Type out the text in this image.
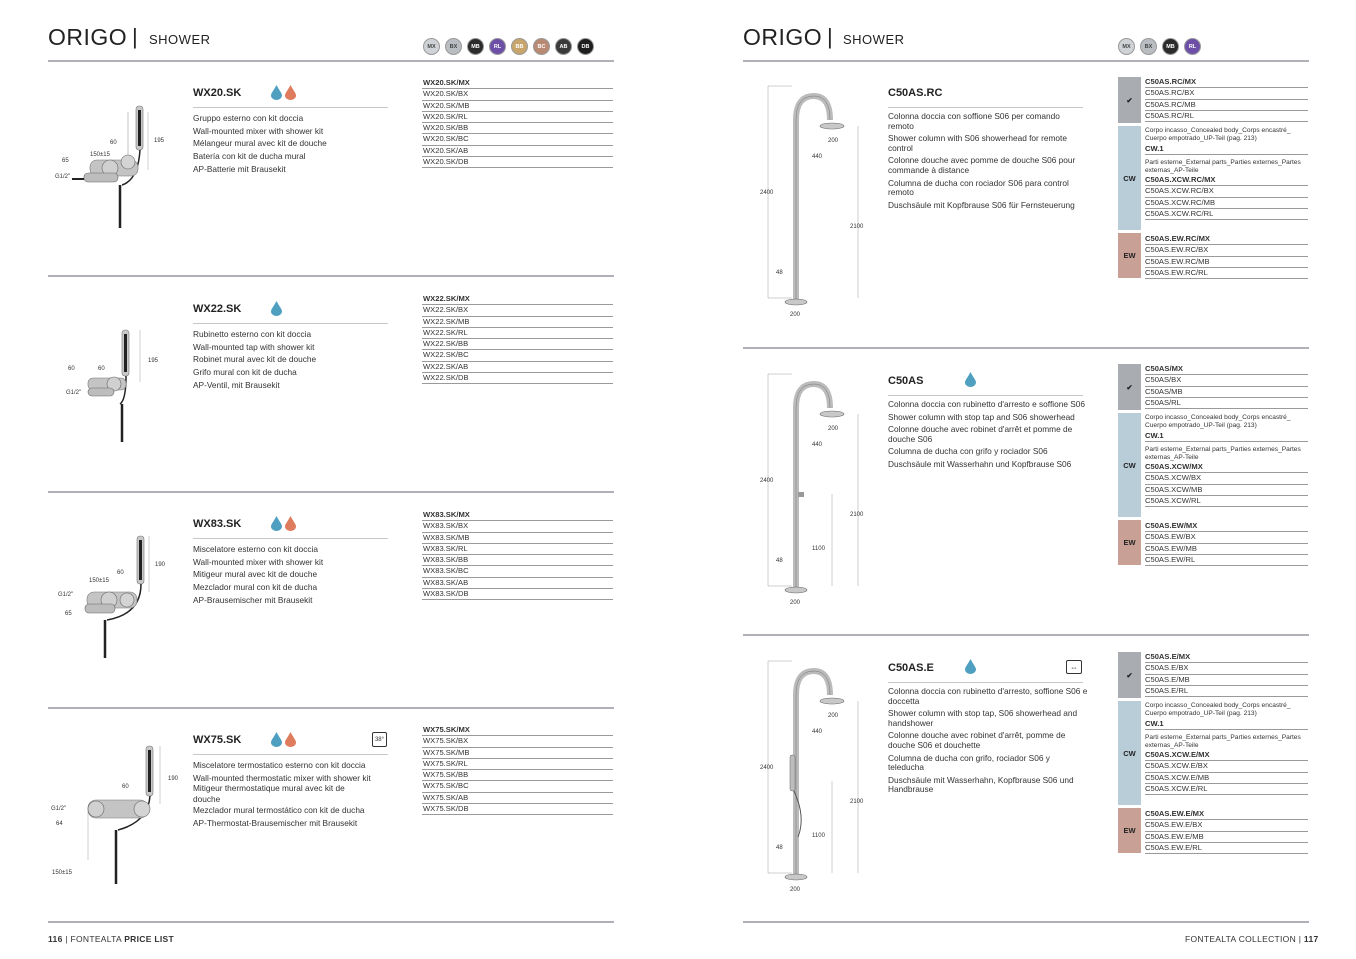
ORIGO | SHOWER	MX	BX	MB	RL	BB	BC	AB	DB
195
60
150±15
65
G1/2"
WX20.SK
Gruppo esterno con kit doccia
Wall-mounted mixer with shower kit
Mélangeur mural avec kit de douche
Batería con kit de ducha mural
AP-Batterie mit Brausekit
WX20.SK/MX
WX20.SK/BX
WX20.SK/MB
WX20.SK/RL
WX20.SK/BB
WX20.SK/BC
WX20.SK/AB
WX20.SK/DB
195
60
60
G1/2"
WX22.SK
Rubinetto esterno con kit doccia
Wall-mounted tap with shower kit
Robinet mural avec kit de douche
Grifo mural con kit de ducha
AP-Ventil, mit Brausekit
WX22.SK/MX
WX22.SK/BX
WX22.SK/MB
WX22.SK/RL
WX22.SK/BB
WX22.SK/BC
WX22.SK/AB
WX22.SK/DB
190
60
150±15
G1/2"
65
WX83.SK
Miscelatore esterno con kit doccia
Wall-mounted mixer with shower kit
Mitigeur mural avec kit de douche
Mezclador mural con kit de ducha
AP-Brausemischer mit Brausekit
WX83.SK/MX
WX83.SK/BX
WX83.SK/MB
WX83.SK/RL
WX83.SK/BB
WX83.SK/BC
WX83.SK/AB
WX83.SK/DB
190
60
G1/2"
64
150±15
WX75.SK	38°
Miscelatore termostatico esterno con kit doccia
Wall-mounted thermostatic mixer with shower kit
Mitigeur thermostatique mural avec kit de
douche
Mezclador mural termostático con kit de ducha
AP-Thermostat-Brausemischer mit Brausekit
WX75.SK/MX
WX75.SK/BX
WX75.SK/MB
WX75.SK/RL
WX75.SK/BB
WX75.SK/BC
WX75.SK/AB
WX75.SK/DB
116 | FONTEALTA PRICE LIST
ORIGO | SHOWER	MX	BX	MB	RL
2400
2100
440
200
48
200
C50AS.RC
Colonna doccia con soffione S06 per comando remoto
Shower column with S06 showerhead for remote control
Colonne douche avec pomme de douche S06 pour commande à distance
Columna de ducha con rociador S06 para control remoto
Duschsäule mit Kopfbrause S06 für Fernsteuerung
✔
C50AS.RC/MX
C50AS.RC/BX
C50AS.RC/MB
C50AS.RC/RL
CW
Corpo incasso_Concealed body_Corps encastré_ Cuerpo empotrado_UP-Teil (pag. 213)
CW.1
Parti esterne_External parts_Parties externes_Partes externas_AP-Teile
C50AS.XCW.RC/MX
C50AS.XCW.RC/BX
C50AS.XCW.RC/MB
C50AS.XCW.RC/RL
EW
C50AS.EW.RC/MX
C50AS.EW.RC/BX
C50AS.EW.RC/MB
C50AS.EW.RC/RL
2400
2100
440
200
1100
48
200
C50AS
Colonna doccia con rubinetto d'arresto e soffione S06
Shower column with stop tap and S06 showerhead
Colonne douche avec robinet d'arrêt et pomme de douche S06
Columna de ducha con grifo y rociador S06
Duschsäule mit Wasserhahn und Kopfbrause S06
✔
C50AS/MX
C50AS/BX
C50AS/MB
C50AS/RL
CW
Corpo incasso_Concealed body_Corps encastré_ Cuerpo empotrado_UP-Teil (pag. 213)
CW.1
Parti esterne_External parts_Parties externes_Partes externas_AP-Teile
C50AS.XCW/MX
C50AS.XCW/BX
C50AS.XCW/MB
C50AS.XCW/RL
EW
C50AS.EW/MX
C50AS.EW/BX
C50AS.EW/MB
C50AS.EW/RL
2400
2100
440
200
1100
48
200
C50AS.E	⇔
Colonna doccia con rubinetto d'arresto, soffione S06 e doccetta
Shower column with stop tap, S06 showerhead and handshower
Colonne douche avec robinet d'arrêt, pomme de douche S06 et douchette
Columna de ducha con grifo, rociador S06 y teleducha
Duschsäule mit Wasserhahn, Kopfbrause S06 und Handbrause
✔
C50AS.E/MX
C50AS.E/BX
C50AS.E/MB
C50AS.E/RL
CW
Corpo incasso_Concealed body_Corps encastré_ Cuerpo empotrado_UP-Teil (pag. 213)
CW.1
Parti esterne_External parts_Parties externes_Partes externas_AP-Teile
C50AS.XCW.E/MX
C50AS.XCW.E/BX
C50AS.XCW.E/MB
C50AS.XCW.E/RL
EW
C50AS.EW.E/MX
C50AS.EW.E/BX
C50AS.EW.E/MB
C50AS.EW.E/RL
FONTEALTA COLLECTION | 117
